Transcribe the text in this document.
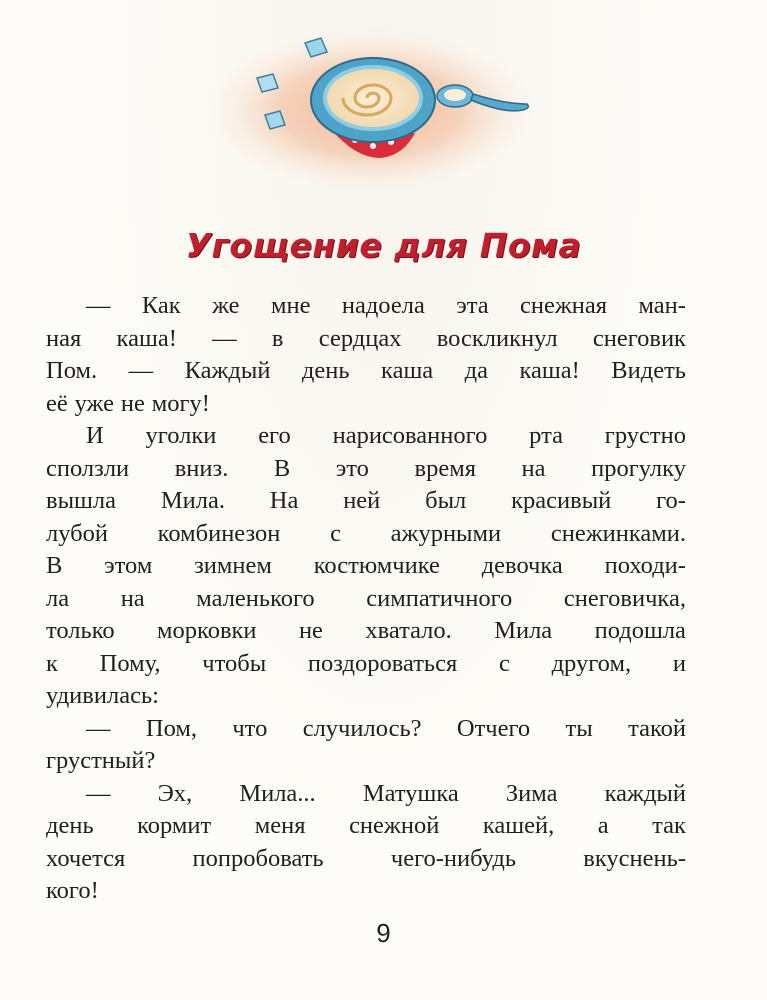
Угощение для Пома
— Как же мне надоела эта снежная ман-
ная каша! — в сердцах воскликнул снеговик
Пом. — Каждый день каша да каша! Видеть
её уже не могу!
И уголки его нарисованного рта грустно
сползли вниз. В это время на прогулку
вышла Мила. На ней был красивый го-
лубой комбинезон с ажурными снежинками.
В этом зимнем костюмчике девочка походи-
ла на маленького симпатичного снеговичка,
только морковки не хватало. Мила подошла
к Пому, чтобы поздороваться с другом, и
удивилась:
— Пом, что случилось? Отчего ты такой
грустный?
— Эх, Мила... Матушка Зима каждый
день кормит меня снежной кашей, а так
хочется	попробовать	чего-нибудь	вкуснень-
кого!
9
